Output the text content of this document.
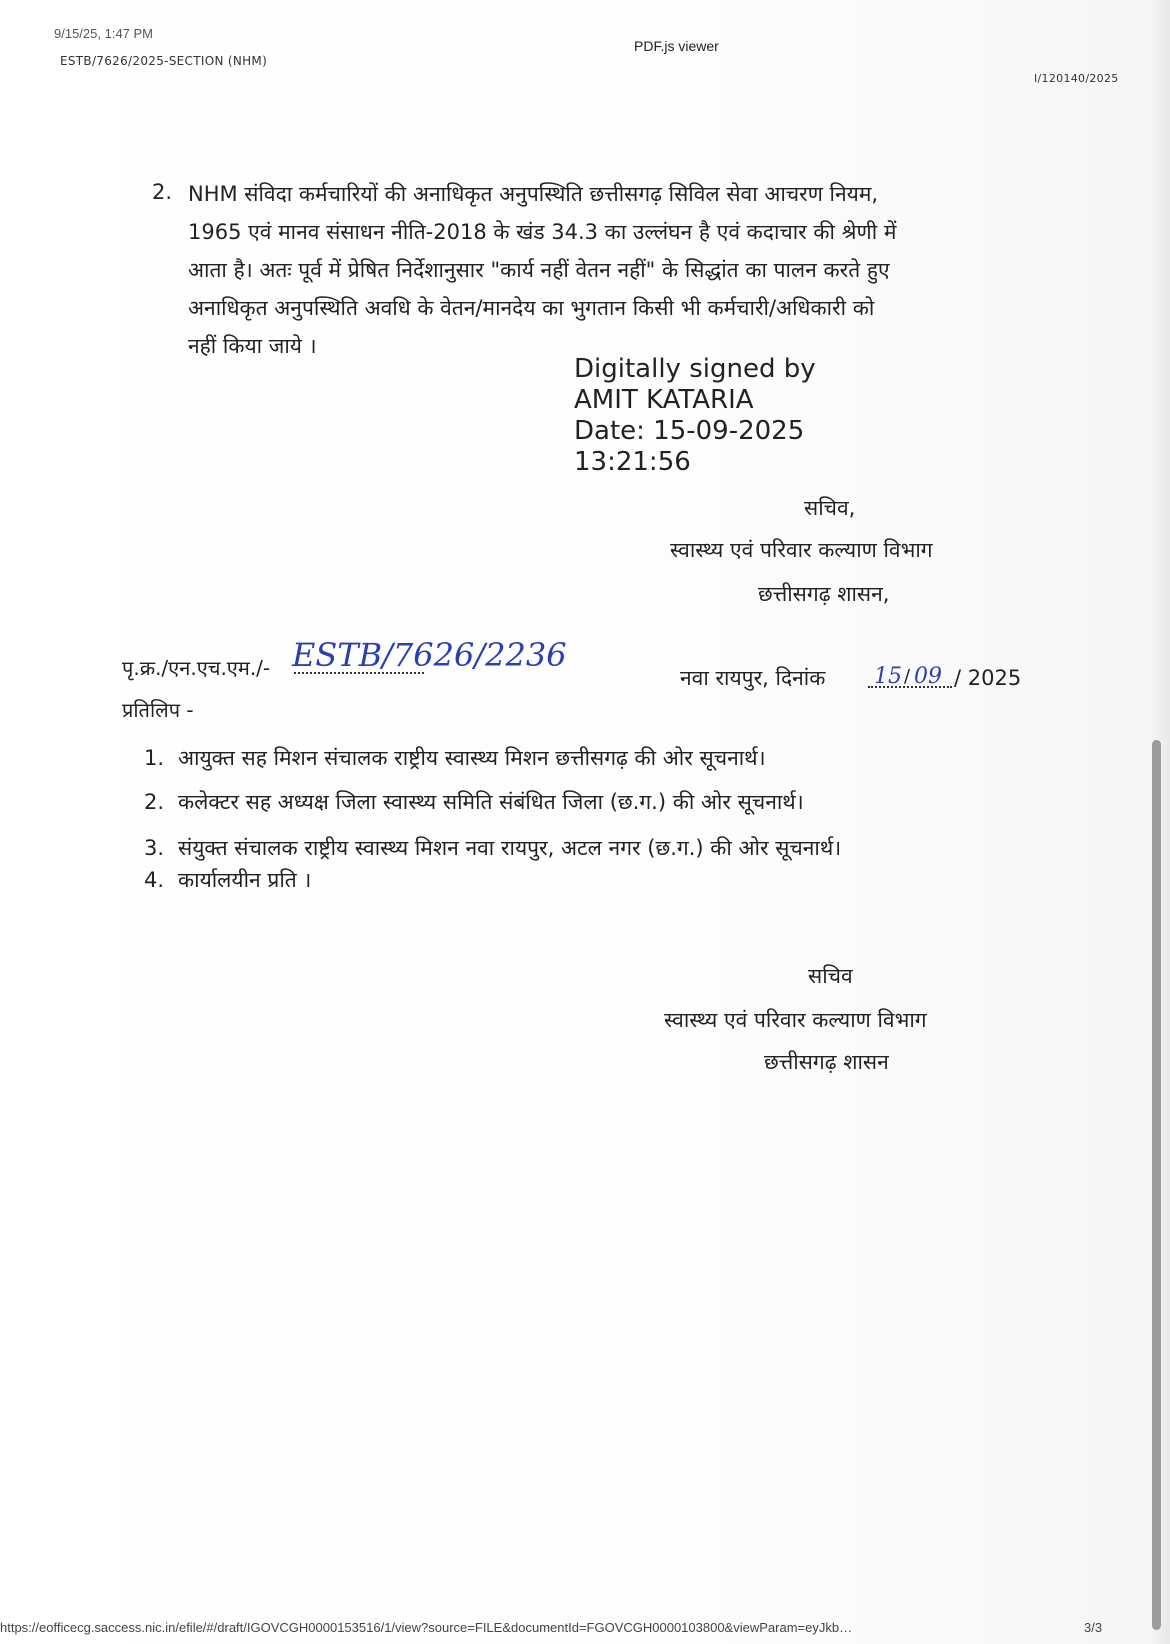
9/15/25, 1:47 PM
ESTB/7626/2025-SECTION (NHM)
PDF.js viewer
I/120140/2025
2. NHM संविदा कर्मचारियों की अनाधिकृत अनुपस्थिति छत्तीसगढ़ सिविल सेवा आचरण नियम,
1965 एवं मानव संसाधन नीति-2018 के खंड 34.3 का उल्लंघन है एवं कदाचार की श्रेणी में
आता है। अतः पूर्व में प्रेषित निर्देशानुसार "कार्य नहीं वेतन नहीं" के सिद्धांत का पालन करते हुए
अनाधिकृत अनुपस्थिति अवधि के वेतन/मानदेय का भुगतान किसी भी कर्मचारी/अधिकारी को
नहीं किया जाये ।
Digitally signed by
AMIT KATARIA
Date: 15-09-2025
13:21:56
सचिव,
स्वास्थ्य एवं परिवार कल्याण विभाग
छत्तीसगढ़ शासन,
पृ.क्र./एन.एच.एम./- ESTB/7626/2236
नवा रायपुर, दिनांक 15 / 09 / 2025
प्रतिलिप -
1. आयुक्त सह मिशन संचालक राष्ट्रीय स्वास्थ्य मिशन छत्तीसगढ़ की ओर सूचनार्थ।
2. कलेक्टर सह अध्यक्ष जिला स्वास्थ्य समिति संबंधित जिला (छ.ग.) की ओर सूचनार्थ।
3. संयुक्त संचालक राष्ट्रीय स्वास्थ्य मिशन नवा रायपुर, अटल नगर (छ.ग.) की ओर सूचनार्थ।
4. कार्यालयीन प्रति ।
सचिव
स्वास्थ्य एवं परिवार कल्याण विभाग
छत्तीसगढ़ शासन
https://eofficecg.saccess.nic.in/efile/#/draft/IGOVCGH0000153516/1/view?source=FILE&documentId=FGOVCGH0000103800&viewParam=eyJkb…	3/3
